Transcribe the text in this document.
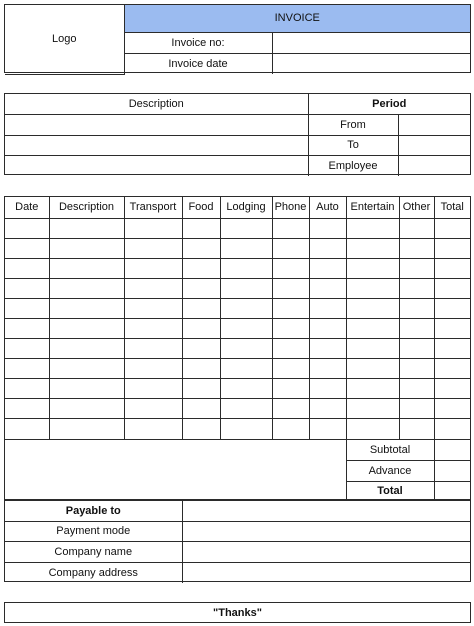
Logo	INVOICE	
	Invoice no:	
	Invoice date	
Description	Period	
	From	
	To	
	Employee	
Date	Description	Transport	Food	Lodging	Phone	Auto	Entertain	Other	Total

							Subtotal		
							Advance		
							Total		
Payable to	
Payment mode	
Company name	
Company address	
"Thanks"
